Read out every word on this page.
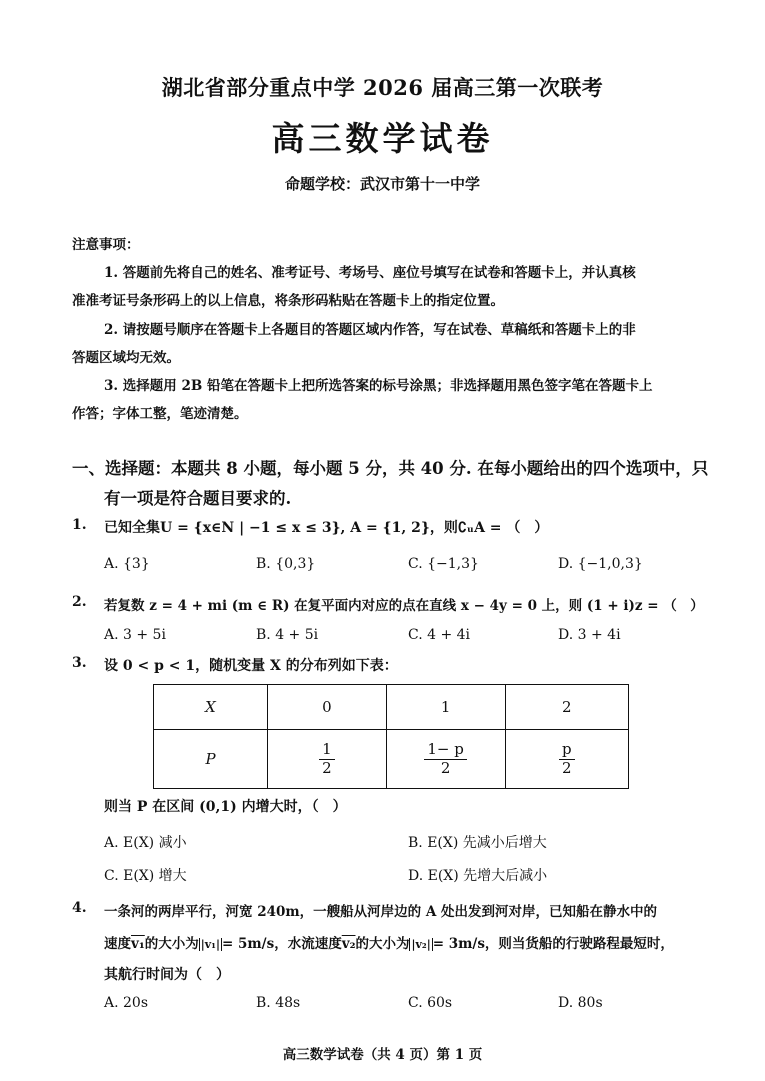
湖北省部分重点中学 2026 届高三第一次联考
高三数学试卷
命题学校：武汉市第十一中学
注意事项：
1. 答题前先将自己的姓名、准考证号、考场号、座位号填写在试卷和答题卡上，并认真核
准准考证号条形码上的以上信息，将条形码粘贴在答题卡上的指定位置。
2. 请按题号顺序在答题卡上各题目的答题区域内作答，写在试卷、草稿纸和答题卡上的非
答题区域均无效。
3. 选择题用 2B 铅笔在答题卡上把所选答案的标号涂黑；非选择题用黑色签字笔在答题卡上
作答；字体工整，笔迹清楚。
一、选择题：本题共 8 小题，每小题 5 分，共 40 分. 在每小题给出的四个选项中，只
有一项是符合题目要求的.
1. 已知全集U = {x∈N | −1 ≤ x ≤ 3}, A = {1, 2}，则∁ᵤA = （　）
A. {3}	B. {0,3}	C. {−1,3}	D. {−1,0,3}
2. 若复数 z = 4 + mi (m ∈ R) 在复平面内对应的点在直线 x − 4y = 0 上，则 (1 + i)z = （　）
A. 3 + 5i	B. 4 + 5i	C. 4 + 4i	D. 3 + 4i
3. 设 0 < p < 1，随机变量 X 的分布列如下表：
X	0	1	2
P	$\frac{1}{2}$	$\frac{1- p}{2}$	$\frac{p}{2}$
则当 P 在区间 (0,1) 内增大时，（　）
A. E(X) 减小	B. E(X) 先减小后增大
C. E(X) 增大	D. E(X) 先增大后减小
4. 一条河的两岸平行，河宽 240m，一艘船从河岸边的 A 处出发到河对岸，已知船在静水中的
速度v₁的大小为 |v₁| = 5m/s，水流速度v₂的大小为 |v₂| = 3m/s，则当货船的行驶路程最短时，
其航行时间为（　）
A. 20s	B. 48s	C. 60s	D. 80s
高三数学试卷（共 4 页）第 1 页
